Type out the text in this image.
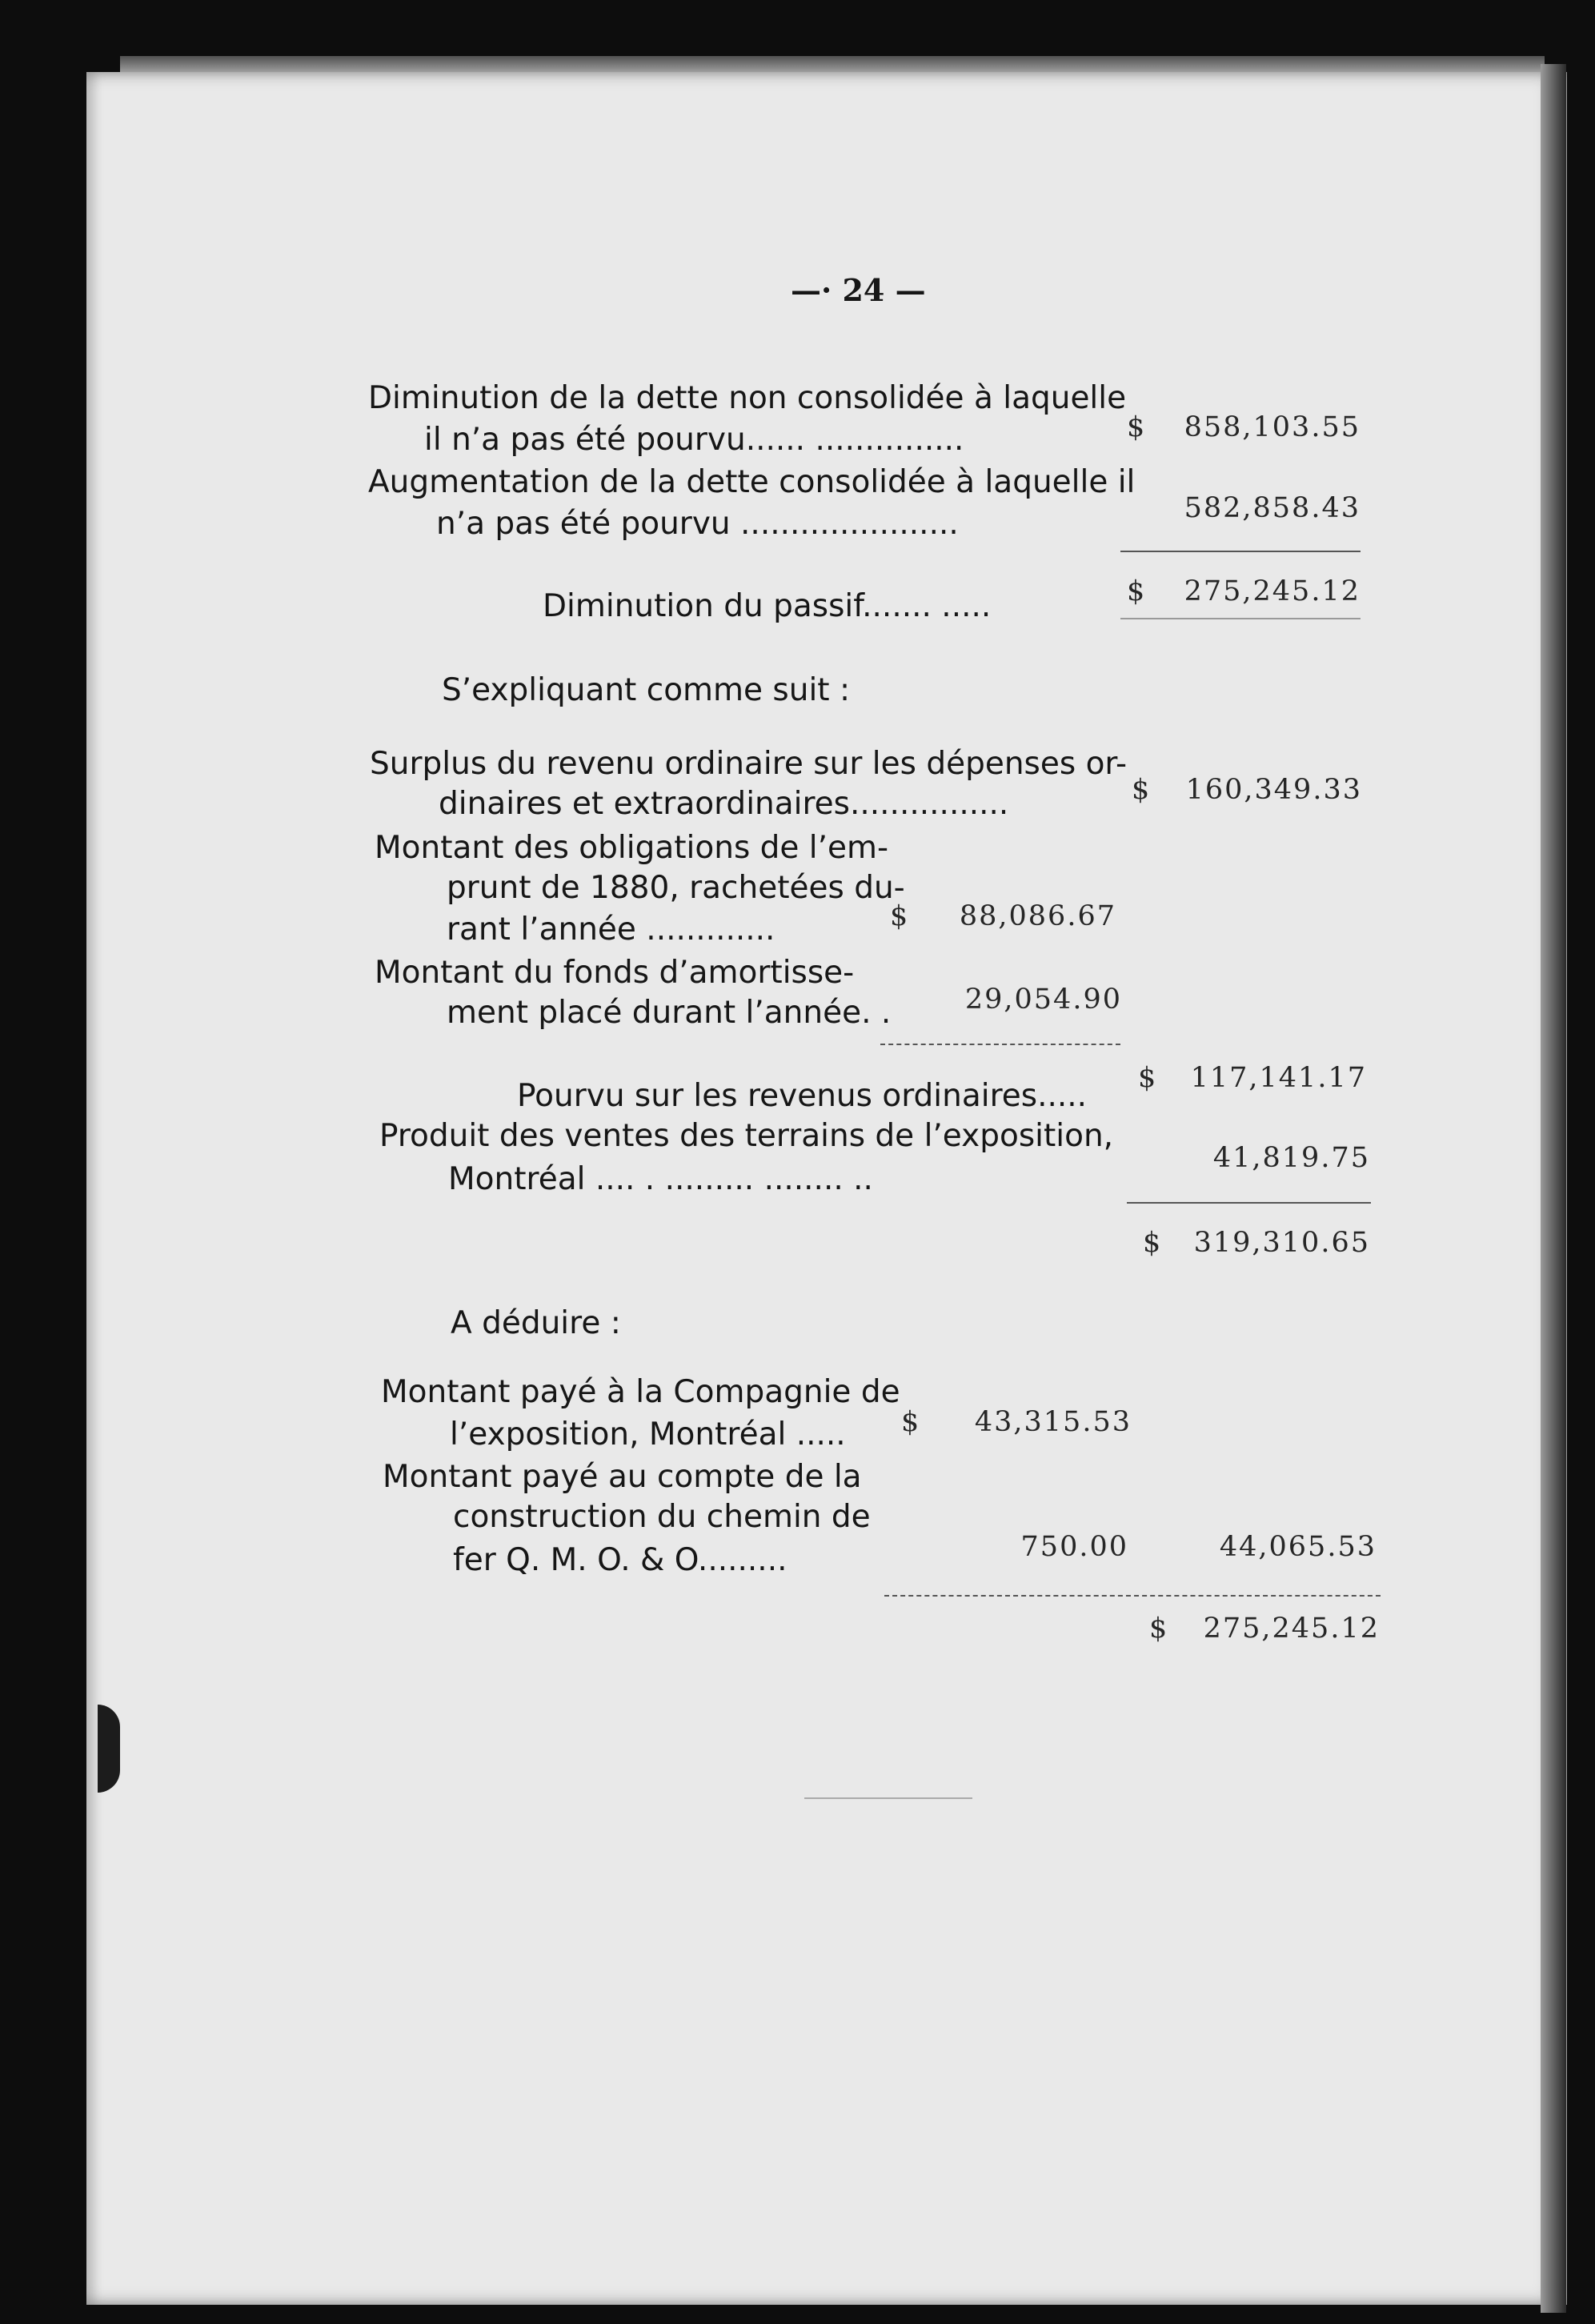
—· 24 —
Diminution de la dette non consolidée à laquelle
il n’a pas été pourvu...... ...............	$ 858,103.55
Augmentation de la dette consolidée à laquelle il
n’a pas été pourvu ......................	582,858.43
Diminution du passif....... .....	$ 275,245.12
S’expliquant comme suit :
Surplus du revenu ordinaire sur les dépenses or-
dinaires et extraordinaires................	$	160,349.33
Montant des obligations de l’em-
prunt de 1880, rachetées du-
rant l’année .............	$	88,086.67
Montant du fonds d’amortisse-
ment placé durant l’année. .	29,054.90
Pourvu sur les revenus ordinaires..... $ 117,141.17
Produit des ventes des terrains de l’exposition,
Montréal .... . ......... ........ ..
41,819.75
$	319,310.65
A déduire :
Montant payé à la Compagnie de
l’exposition, Montréal ..... $	43,315.53
Montant payé au compte de la
construction du chemin de
fer Q. M. O. & O.........	750.00	44,065.53
$	275,245.12
